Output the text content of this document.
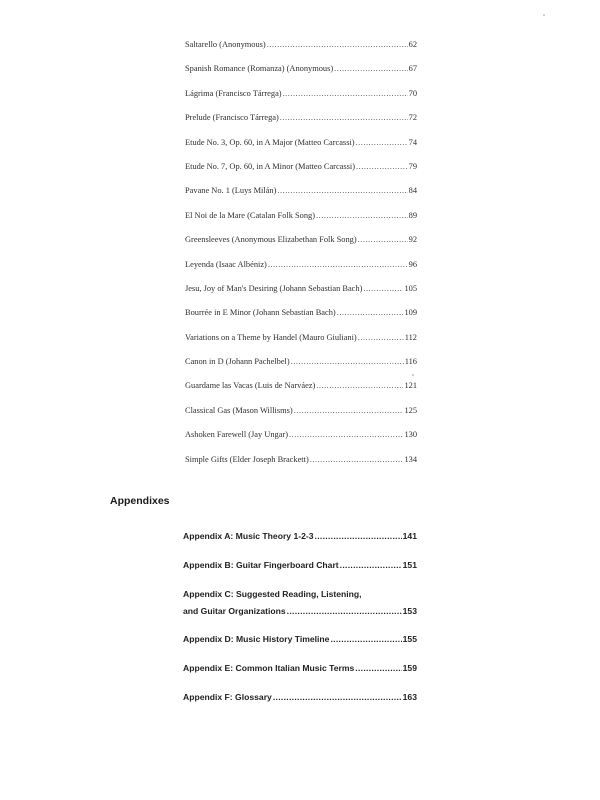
Saltarello (Anonymous) .....	62
Spanish Romance (Romanza) (Anonymous) .....	67
Lágrima (Francisco Tárrega) .....	70
Prelude (Francisco Tárrega) .....	72
Etude No. 3, Op. 60, in A Major (Matteo Carcassi) .....	74
Etude No. 7, Op. 60, in A Minor (Matteo Carcassi) .....	79
Pavane No. 1 (Luys Milán) .....	84
El Noi de la Mare (Catalan Folk Song) .....	89
Greensleeves (Anonymous Elizabethan Folk Song) .....	92
Leyenda (Isaac Albéniz) .....	96
Jesu, Joy of Man's Desiring (Johann Sebastian Bach) .....	105
Bourrée in E Minor (Johann Sebastian Bach) .....	109
Variations on a Theme by Handel (Mauro Giuliani) .....	112
Canon in D (Johann Pachelbel) .....	116
Guardame las Vacas (Luis de Narváez) .....	121
Classical Gas (Mason Willisms) .....	125
Ashoken Farewell (Jay Ungar) .....	130
Simple Gifts (Elder Joseph Brackett) .....	134
Appendixes
Appendix A: Music Theory 1-2-3 .....	141
Appendix B: Guitar Fingerboard Chart .....	151
Appendix C: Suggested Reading, Listening,
and Guitar Organizations .....	153
Appendix D: Music History Timeline .....	155
Appendix E: Common Italian Music Terms .....	159
Appendix F: Glossary .....	163
